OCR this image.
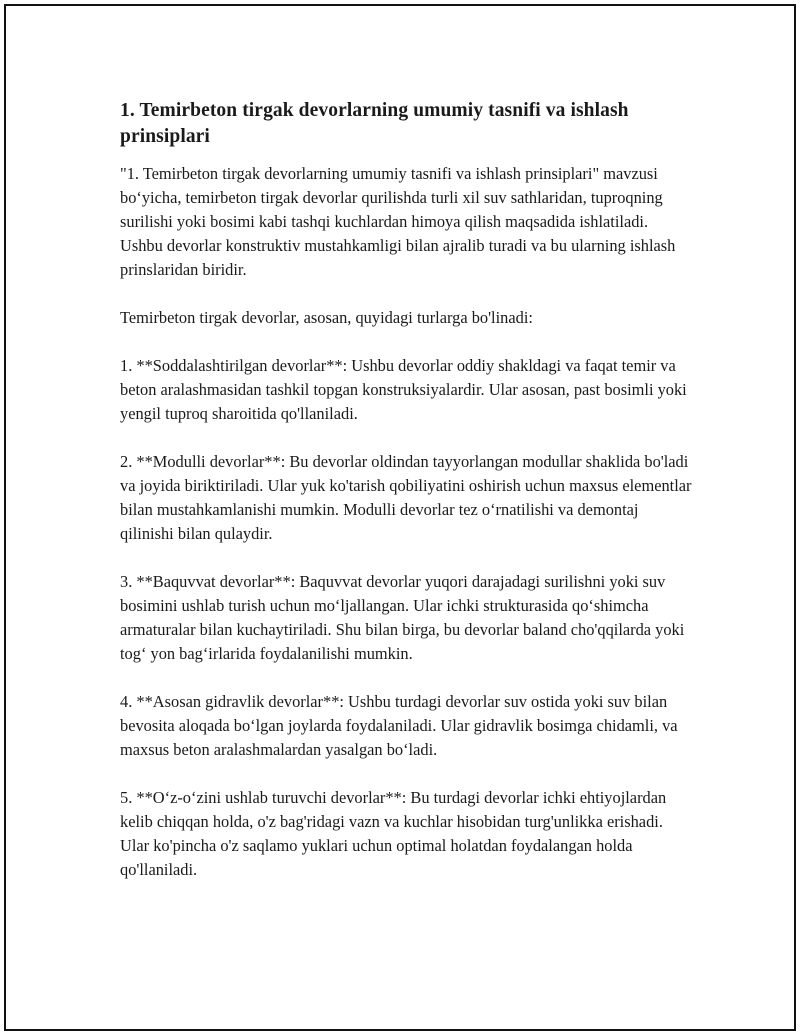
1. Temirbeton tirgak devorlarning umumiy tasnifi va ishlash prinsiplari

"1. Temirbeton tirgak devorlarning umumiy tasnifi va ishlash prinsiplari" mavzusi bo‘yicha, temirbeton tirgak devorlar qurilishda turli xil suv sathlaridan, tuproqning surilishi yoki bosimi kabi tashqi kuchlardan himoya qilish maqsadida ishlatiladi. Ushbu devorlar konstruktiv mustahkamligi bilan ajralib turadi va bu ularning ishlash prinslaridan biridir.

Temirbeton tirgak devorlar, asosan, quyidagi turlarga bo'linadi:

1. **Soddalashtirilgan devorlar**: Ushbu devorlar oddiy shakldagi va faqat temir va beton aralashmasidan tashkil topgan konstruksiyalardir. Ular asosan, past bosimli yoki yengil tuproq sharoitida qo'llaniladi.

2. **Modulli devorlar**: Bu devorlar oldindan tayyorlangan modullar shaklida bo'ladi va joyida biriktiriladi. Ular yuk ko'tarish qobiliyatini oshirish uchun maxsus elementlar bilan mustahkamlanishi mumkin. Modulli devorlar tez o‘rnatilishi va demontaj qilinishi bilan qulaydir.

3. **Baquvvat devorlar**: Baquvvat devorlar yuqori darajadagi surilishni yoki suv bosimini ushlab turish uchun mo‘ljallangan. Ular ichki strukturasida qo‘shimcha armaturalar bilan kuchaytiriladi. Shu bilan birga, bu devorlar baland cho'qqilarda yoki tog‘ yon bag‘irlarida foydalanilishi mumkin.

4. **Asosan gidravlik devorlar**: Ushbu turdagi devorlar suv ostida yoki suv bilan bevosita aloqada bo‘lgan joylarda foydalaniladi. Ular gidravlik bosimga chidamli, va maxsus beton aralashmalardan yasalgan bo‘ladi.

5. **O‘z-o‘zini ushlab turuvchi devorlar**: Bu turdagi devorlar ichki ehtiyojlardan kelib chiqqan holda, o'z bag'ridagi vazn va kuchlar hisobidan turg'unlikka erishadi. Ular ko'pincha o'z saqlamo yuklari uchun optimal holatdan foydalangan holda qo'llaniladi.
